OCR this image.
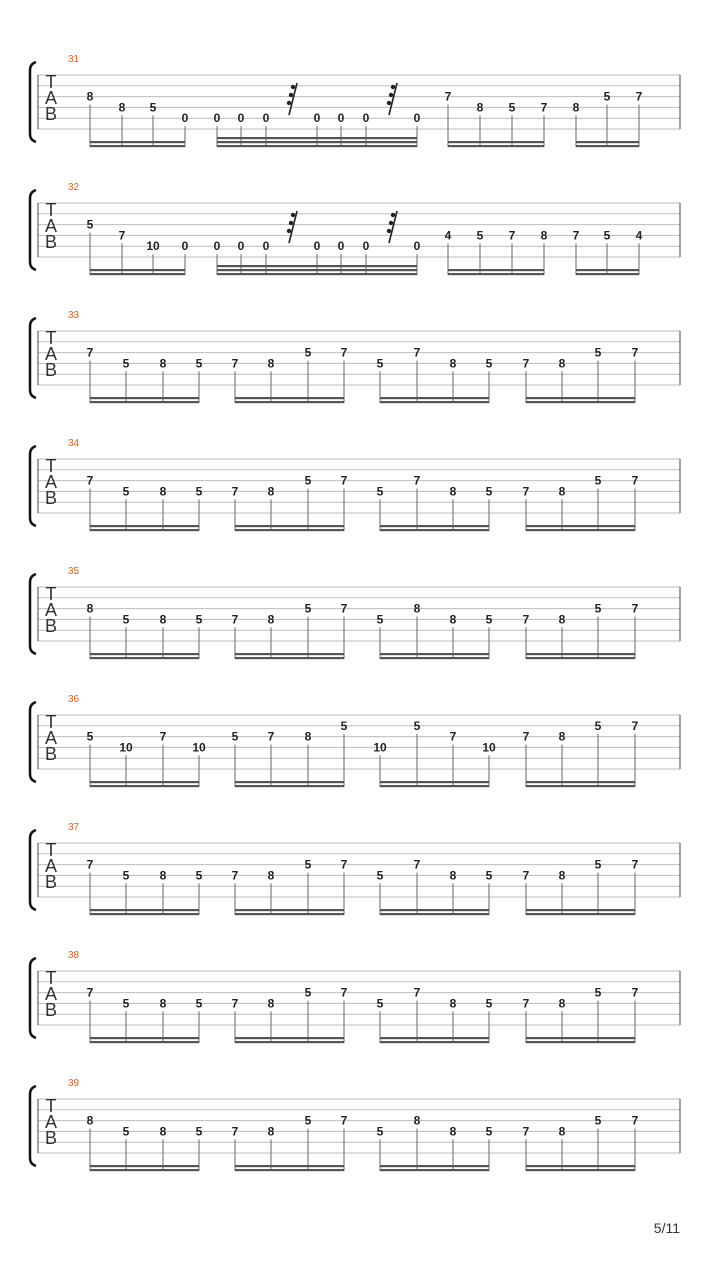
31
T
A
B
8
8 5
0 0 0 0	0 0 0	0
7
8 5 7 8
5 7
32
T
A
B
5
7
10 0 0 0 0	0 0 0	0
4 5 7 8 7 5 4
33
T
A
B
7
5	8 5 7 8
5 7
5
7
8 5	7 8
5	7
34
T
A
B
7
5	8 5 7 8
5 7
5
7
8 5	7 8
5	7
35
T
A
B
8
5	8 5 7 8
5 7
5
8
8 5	7 8
5	7
36
T
A
B
5
10
7
10
5 7	8
5
10
5
7
10
7 8
5	7
37
T
A
B
7
5	8 5 7 8
5 7
5
7
8 5	7 8
5	7
38
T
A
B
7
5	8 5 7 8
5 7
5
7
8 5	7 8
5	7
39
T
A
B
8
5	8 5 7 8
5 7
5
8
8 5	7 8
5	7
5/11
